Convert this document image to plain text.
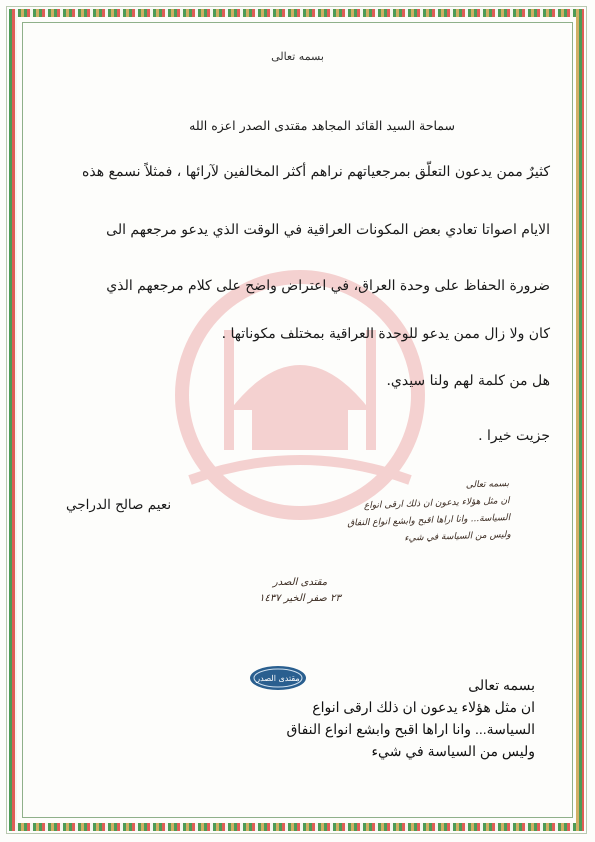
بسمه تعالى
سماحة السيد القائد المجاهد مقتدى الصدر اعزه الله
كثيرٌ ممن يدعون التعلّق بمرجعياتهم نراهم أكثر المخالفين لآرائها ، فمثلاً نسمع هذه
الايام اصواتا تعادي بعض المكونات العراقية في الوقت الذي يدعو مرجعهم الى
ضرورة الحفاظ على وحدة العراق، في اعتراض واضح على كلام مرجعهم الذي
كان ولا زال ممن يدعو للوحدة العراقية بمختلف مكوناتها .
هل من كلمة لهم ولنا سيدي.
جزيت خيرا .
نعيم صالح الدراجي
بسمه تعالى
ان مثل هؤلاء يدعون ان ذلك ارقى انواع
السياسة... وانا اراها اقبح وابشع انواع النفاق
وليس من السياسة في شيء
مقتدى الصدر
٢٣ صفر الخير ١٤٣٧
مقتدى الصدر	بسمه تعالى
ان مثل هؤلاء يدعون ان ذلك ارقى انواع
السياسة... وانا اراها اقبح وابشع انواع النفاق
وليس من السياسة في شيء
